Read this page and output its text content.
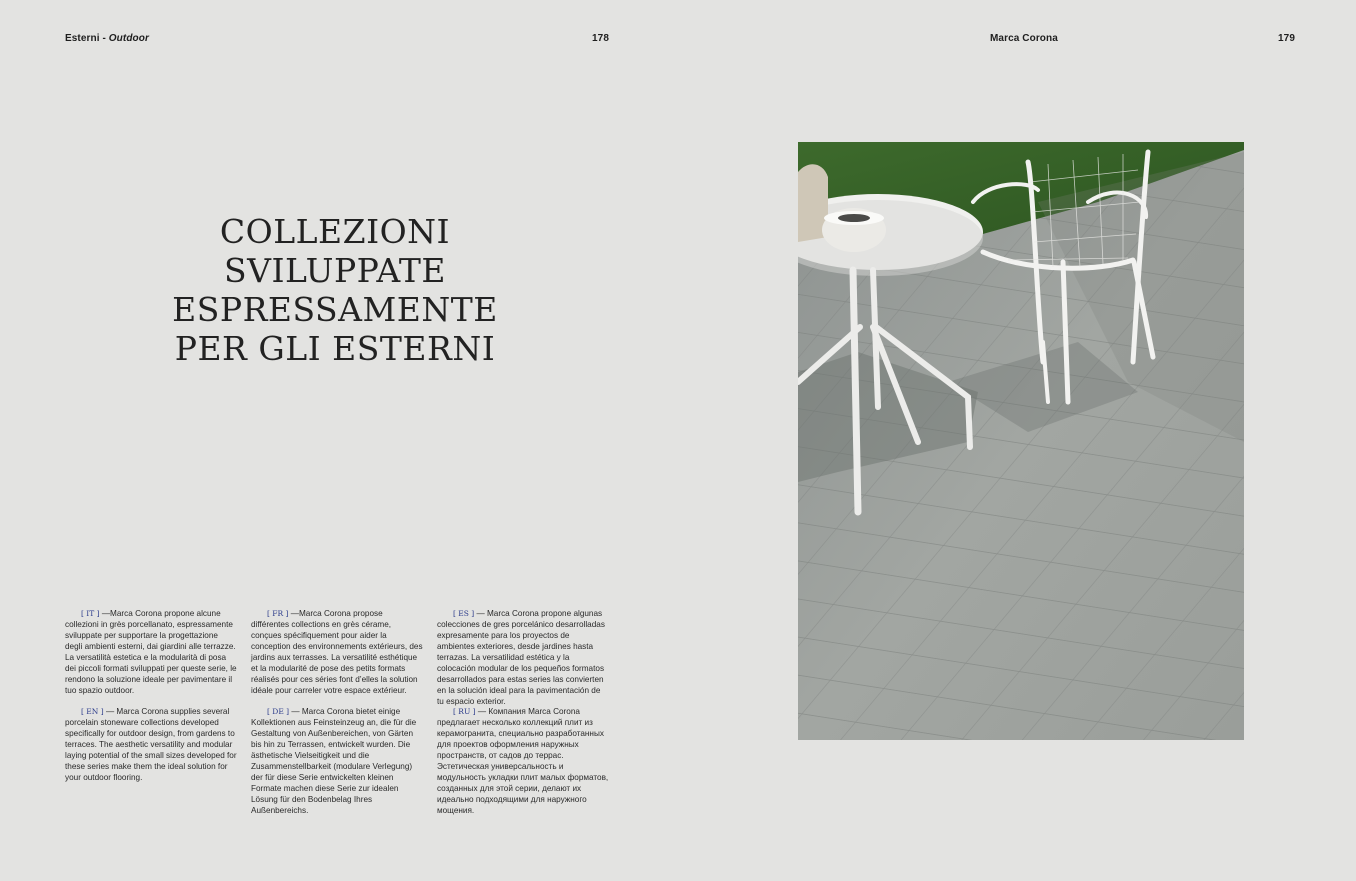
Esterni - Outdoor	178	Marca Corona	179
COLLEZIONI
SVILUPPATE
ESPRESSAMENTE
PER GLI ESTERNI

[ IT ] —Marca Corona propone alcune collezioni in grès porcellanato, espressamente sviluppate per supportare la progettazione degli ambienti esterni, dai giardini alle terrazze. La versatilità estetica e la modularità di posa dei piccoli formati sviluppati per queste serie, le rendono la soluzione ideale per pavimentare il tuo spazio outdoor.

[ FR ] —Marca Corona propose différentes collections en grès cérame, conçues spécifiquement pour aider la conception des environnements extérieurs, des jardins aux terrasses. La versatilité esthétique et la modularité de pose des petits formats réalisés pour ces séries font d’elles la solution idéale pour carreler votre espace extérieur.

[ ES ] — Marca Corona propone algunas colecciones de gres porcelánico desarrolladas expresamente para los proyectos de ambientes exteriores, desde jardines hasta terrazas. La versatilidad estética y la colocación modular de los pequeños formatos desarrollados para estas series las convierten en la solución ideal para la pavimentación de tu espacio exterior.

[ EN ] — Marca Corona supplies several porcelain stoneware collections developed specifically for outdoor design, from gardens to terraces. The aesthetic versatility and modular laying potential of the small sizes developed for these series make them the ideal solution for your outdoor flooring.

[ DE ] — Marca Corona bietet einige Kollektionen aus Feinsteinzeug an, die für die Gestaltung von Außenbereichen, von Gärten bis hin zu Terrassen, entwickelt wurden. Die ästhetische Vielseitigkeit und die Zusammenstellbarkeit (modulare Verlegung) der für diese Serie entwickelten kleinen Formate machen diese Serie zur idealen Lösung für den Bodenbelag Ihres Außenbereichs.

[ RU ] — Компания Marca Corona предлагает несколько коллекций плит из керамогранита, специально разработанных для проектов оформления наружных пространств, от садов до террас. Эстетическая универсальность и модульность укладки плит малых форматов, созданных для этой серии, делают их идеально подходящими для наружного мощения.
